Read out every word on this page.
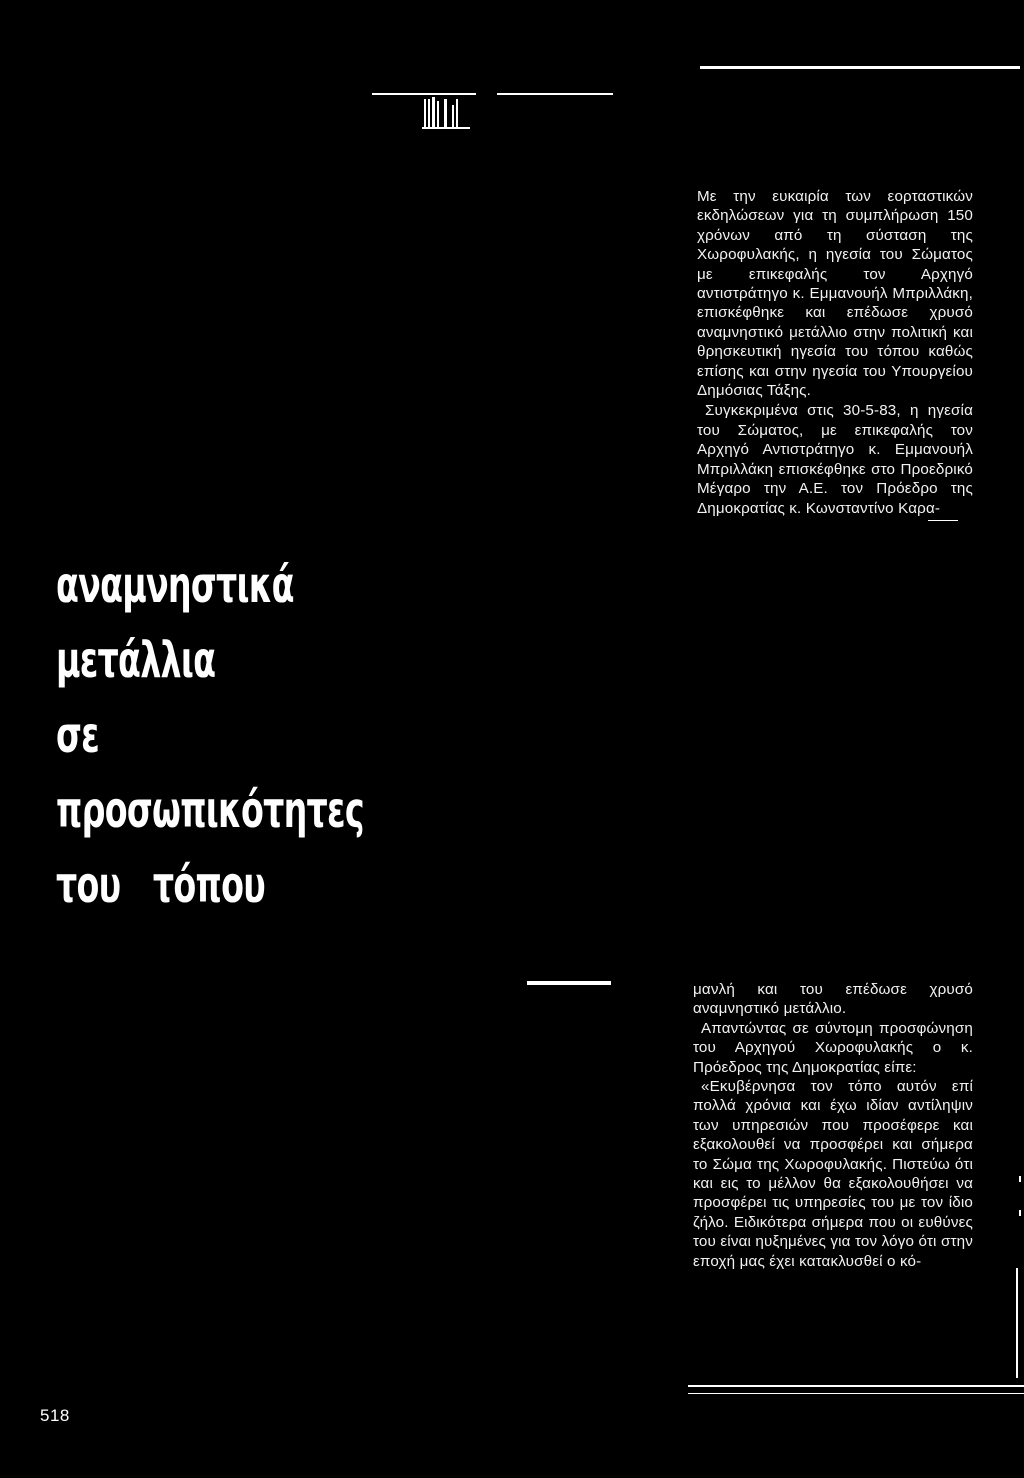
Με την ευκαιρία των εορταστικών εκδηλώσεων για τη συμπλήρωση 150 χρόνων από τη σύσταση της Χωροφυλακής, η ηγεσία του Σώματος με επικεφαλής τον Αρχηγό αντιστράτηγο κ. Εμμανουήλ Μπριλλάκη, επισκέφθηκε και επέδωσε χρυσό αναμνηστικό μετάλλιο στην πολιτική και θρησκευτική ηγεσία του τόπου καθώς επίσης και στην ηγεσία του Υπουργείου Δημόσιας Τάξης.

Συγκεκριμένα στις 30-5-83, η ηγεσία του Σώματος, με επικεφαλής τον Αρχηγό Αντιστράτηγο κ. Εμμανουήλ Μπριλλάκη επισκέφθηκε στο Προεδρικό Μέγαρο την Α.Ε. τον Πρόεδρο της Δημοκρατίας κ. Κωνσταντίνο Καρα-

αναμνηστικά
μετάλλια
σε
προσωπικότητες
του   τόπου

μανλή και του επέδωσε χρυσό αναμνηστικό μετάλλιο.

Απαντώντας σε σύντομη προσφώνηση του Αρχηγού Χωροφυλακής ο κ. Πρόεδρος της Δημοκρατίας είπε:

«Εκυβέρνησα τον τόπο αυτόν επί πολλά χρόνια και έχω ιδίαν αντίληψιν των υπηρεσιών που προσέφερε και εξακολουθεί να προσφέρει και σήμερα το Σώμα της Χωροφυλακής. Πιστεύω ότι και εις το μέλλον θα εξακολουθήσει να προσφέρει τις υπηρεσίες του με τον ίδιο ζήλο. Ειδικότερα σήμερα που οι ευθύνες του είναι ηυξημένες για τον λόγο ότι στην εποχή μας έχει κατακλυσθεί ο κό-

518
